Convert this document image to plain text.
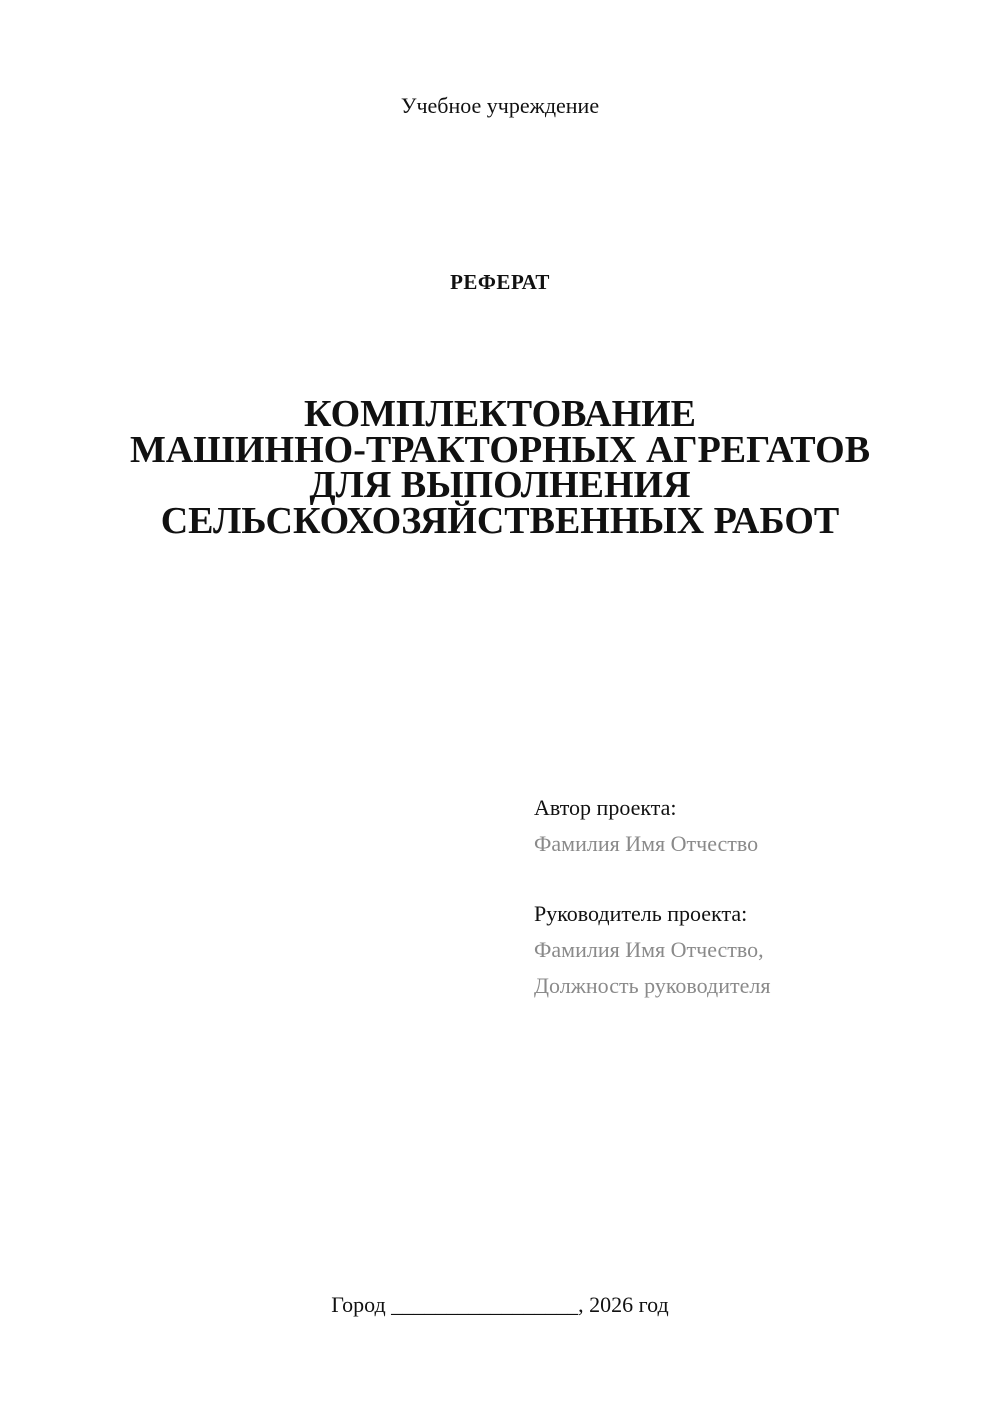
Учебное учреждение
РЕФЕРАТ
КОМПЛЕКТОВАНИЕ
МАШИННО-ТРАКТОРНЫХ АГРЕГАТОВ
ДЛЯ ВЫПОЛНЕНИЯ
СЕЛЬСКОХОЗЯЙСТВЕННЫХ РАБОТ
Автор проекта:
Фамилия Имя Отчество
Руководитель проекта:
Фамилия Имя Отчество,
Должность руководителя
Город _________________, 2026 год
